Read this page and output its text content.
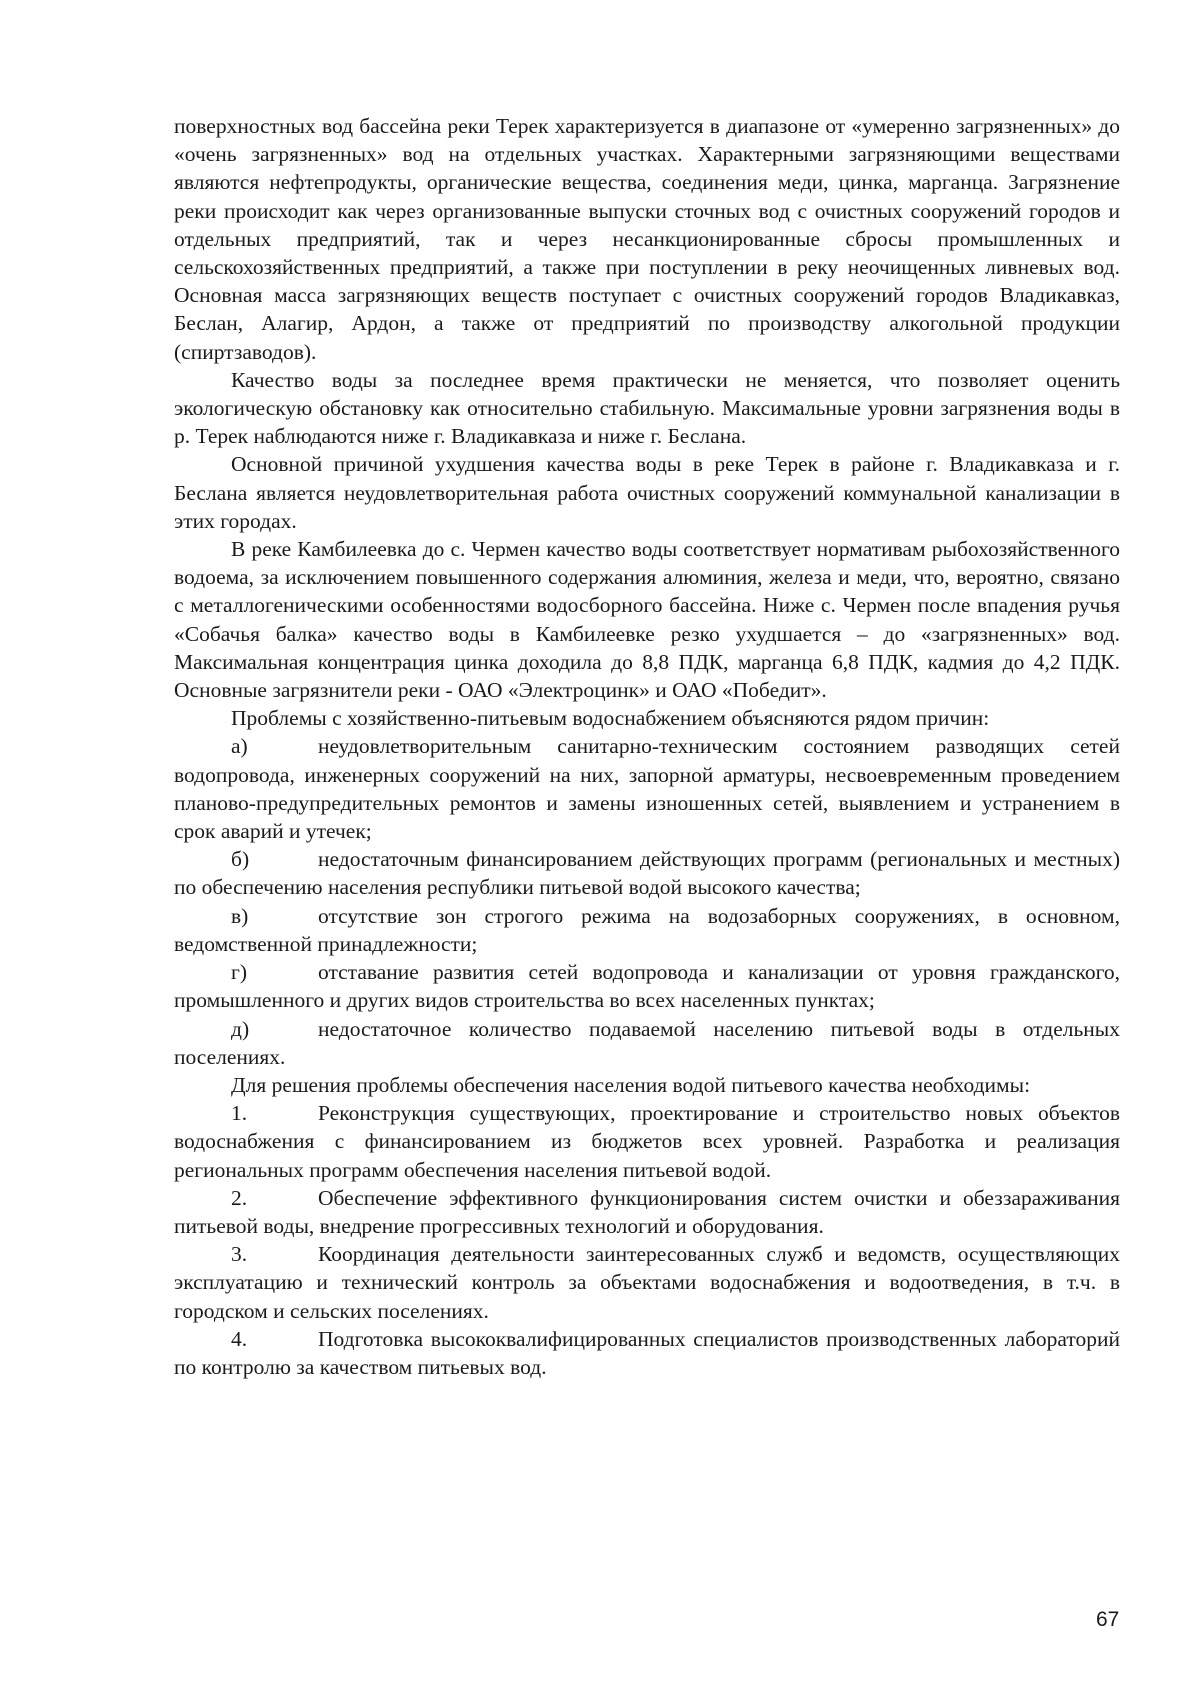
поверхностных вод бассейна реки Терек характеризуется в диапазоне от «умеренно загрязненных» до «очень загрязненных» вод на отдельных участках. Характерными загрязняющими веществами являются нефтепродукты, органические вещества, соединения меди, цинка, марганца. Загрязнение реки происходит как через организованные выпуски сточных вод с очистных сооружений городов и отдельных предприятий, так и через несанкционированные сбросы промышленных и сельскохозяйственных предприятий, а также при поступлении в реку неочищенных ливневых вод. Основная масса загрязняющих веществ поступает с очистных сооружений городов Владикавказ, Беслан, Алагир, Ардон, а также от предприятий по производству алкогольной продукции (спиртзаводов).

Качество воды за последнее время практически не меняется, что позволяет оценить экологическую обстановку как относительно стабильную. Максимальные уровни загрязнения воды в р. Терек наблюдаются ниже г. Владикавказа и ниже г. Беслана.

Основной причиной ухудшения качества воды в реке Терек в районе г. Владикавказа и г. Беслана является неудовлетворительная работа очистных сооружений коммунальной канализации в этих городах.

В реке Камбилеевка до с. Чермен качество воды соответствует нормативам рыбохозяйственного водоема, за исключением повышенного содержания алюминия, железа и меди, что, вероятно, связано с металлогеническими особенностями водосборного бассейна. Ниже с. Чермен после впадения ручья «Собачья балка» качество воды в Камбилеевке резко ухудшается – до «загрязненных» вод. Максимальная концентрация цинка доходила до 8,8 ПДК, марганца 6,8 ПДК, кадмия до 4,2 ПДК. Основные загрязнители реки - ОАО «Электроцинк» и ОАО «Победит».

Проблемы с хозяйственно-питьевым водоснабжением объясняются рядом причин:

а)	неудовлетворительным санитарно-техническим состоянием разводящих сетей водопровода, инженерных сооружений на них, запорной арматуры, несвоевременным проведением планово-предупредительных ремонтов и замены изношенных сетей, выявлением и устранением в срок аварий и утечек;

б)	недостаточным финансированием действующих программ (региональных и местных) по обеспечению населения республики питьевой водой высокого качества;

в)	отсутствие зон строгого режима на водозаборных сооружениях, в основном, ведомственной принадлежности;

г)	отставание развития сетей водопровода и канализации от уровня гражданского, промышленного и других видов строительства во всех населенных пунктах;

д)	недостаточное количество подаваемой населению питьевой воды в отдельных поселениях.

Для решения проблемы обеспечения населения водой питьевого качества необходимы:

1.	Реконструкция существующих, проектирование и строительство новых объектов водоснабжения с финансированием из бюджетов всех уровней. Разработка и реализация региональных программ обеспечения населения питьевой водой.

2.	Обеспечение эффективного функционирования систем очистки и обеззараживания питьевой воды, внедрение прогрессивных технологий и оборудования.

3.	Координация деятельности заинтересованных служб и ведомств, осуществляющих эксплуатацию и технический контроль за объектами водоснабжения и водоотведения, в т.ч. в городском и сельских поселениях.

4.	Подготовка высококвалифицированных специалистов производственных лабораторий по контролю за качеством питьевых вод.

67
